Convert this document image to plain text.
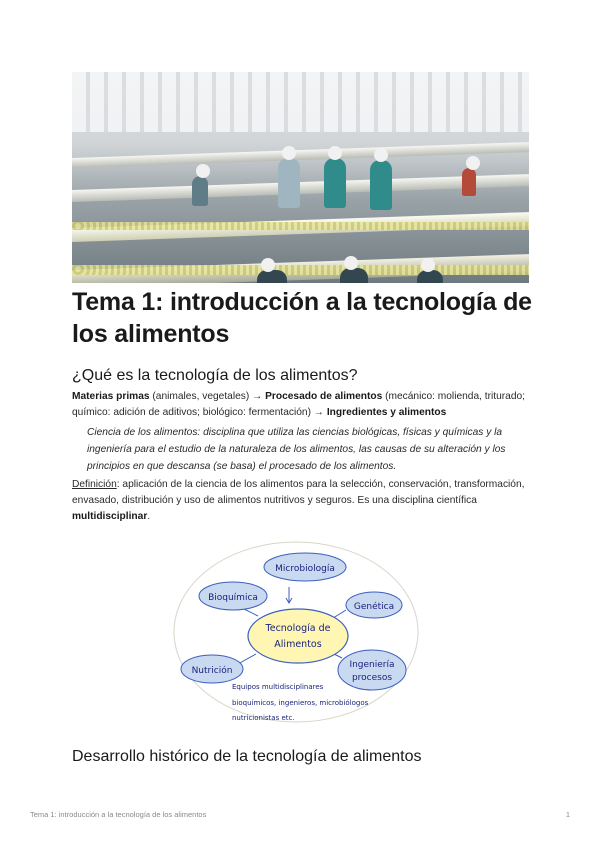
Tema 1: introducción a la tecnología de los alimentos
¿Qué es la tecnología de los alimentos?

Materias primas (animales, vegetales) → Procesado de alimentos (mecánico: molienda, triturado; químico: adición de aditivos; biológico: fermentación) → Ingredientes y alimentos

Ciencia de los alimentos: disciplina que utiliza las ciencias biológicas, físicas y químicas y la ingeniería para el estudio de la naturaleza de los alimentos, las causas de su alteración y los principios en que descansa (se basa) el procesado de los alimentos.

Definición: aplicación de la ciencia de los alimentos para la selección, conservación, transformación, envasado, distribución y uso de alimentos nutritivos y seguros. Es una disciplina científica multidisciplinar.

Tecnología de
Alimentos
Microbiología
Bioquímica
Genética
Nutrición
Ingeniería
procesos
Equipos multidisciplinares
bioquímicos, ingenieros, microbiólogos
nutricionistas etc.
Desarrollo histórico de la tecnología de alimentos
Tema 1: introducción a la tecnología de los alimentos	1
